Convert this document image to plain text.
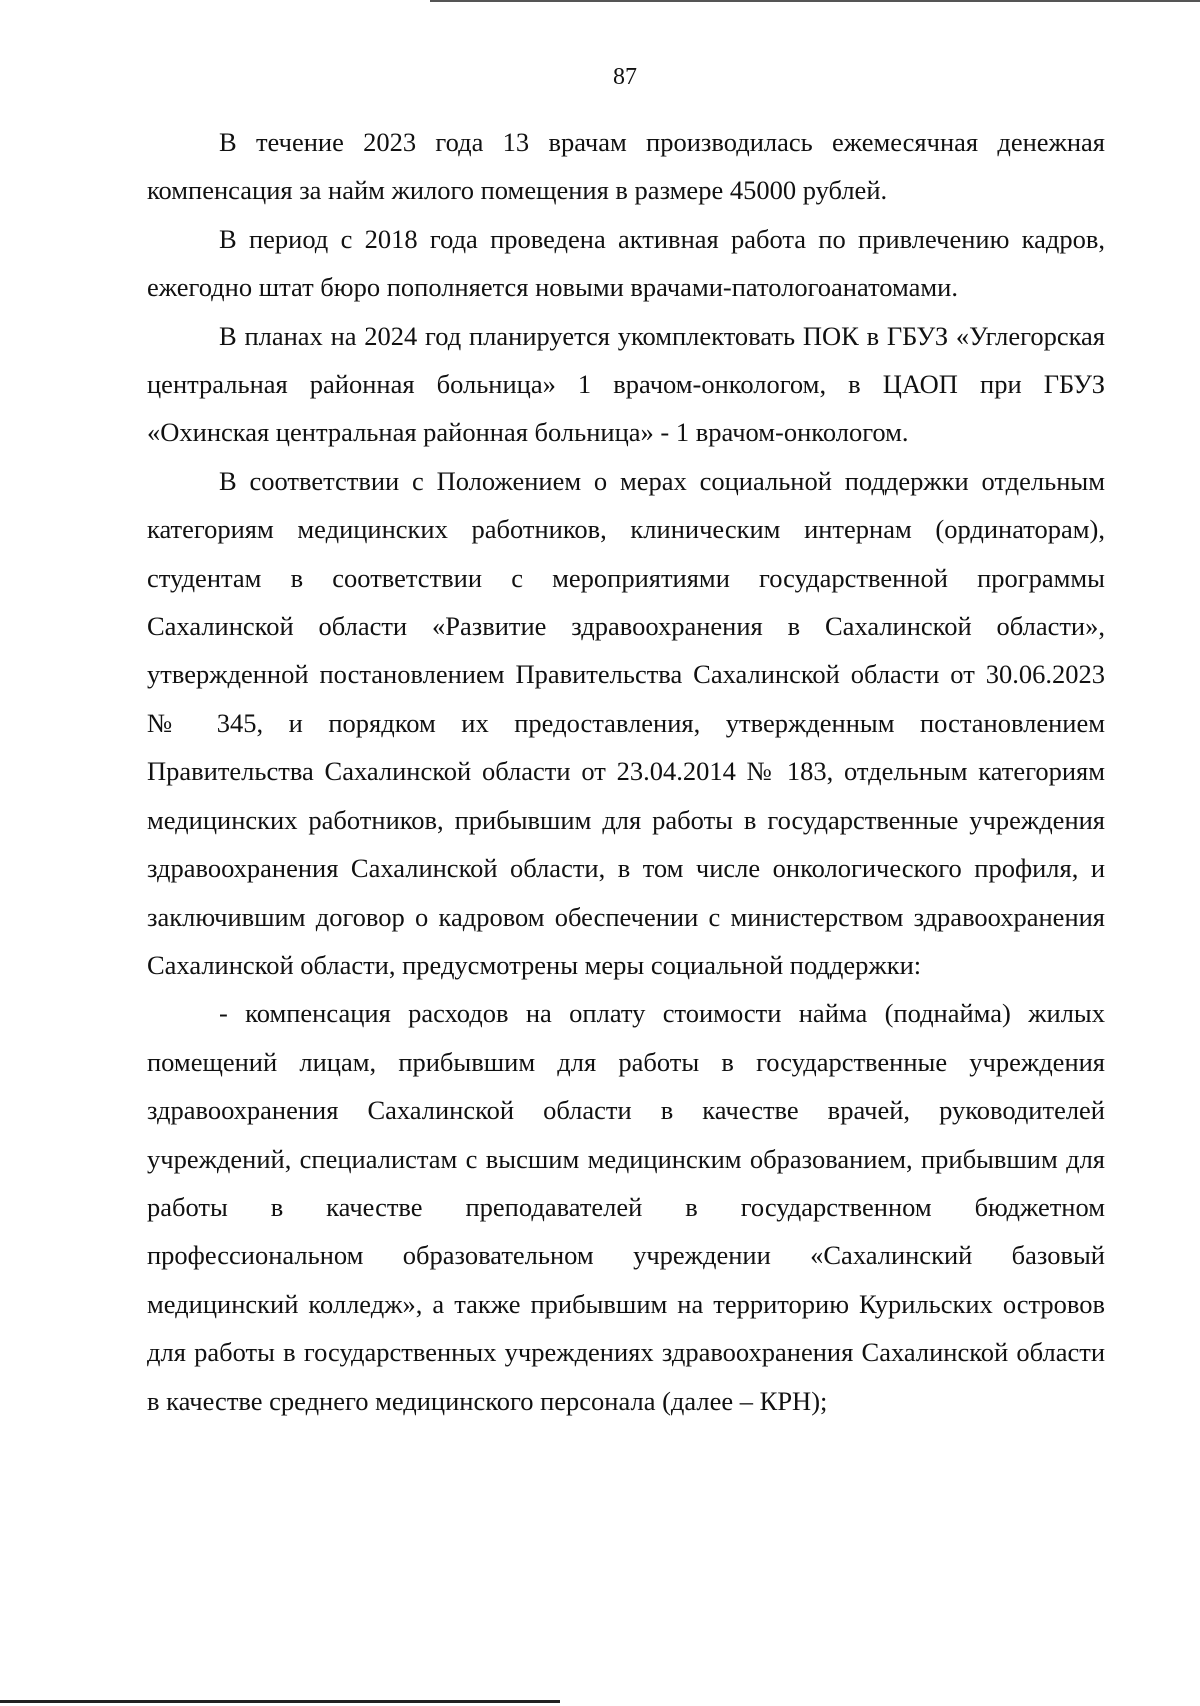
87

В течение 2023 года 13 врачам производилась ежемесячная денежная компенсация за найм жилого помещения в размере 45000 рублей.

В период с 2018 года проведена активная работа по привлечению кадров, ежегодно штат бюро пополняется новыми врачами-патологоанатомами.

В планах на 2024 год планируется укомплектовать ПОК в ГБУЗ «Углегорская центральная районная больница» 1 врачом-онкологом, в ЦАОП при ГБУЗ «Охинская центральная районная больница» - 1 врачом-онкологом.

В соответствии с Положением о мерах социальной поддержки отдельным категориям медицинских работников, клиническим интернам (ординаторам), студентам в соответствии с мероприятиями государственной программы Сахалинской области «Развитие здравоохранения в Сахалинской области», утвержденной постановлением Правительства Сахалинской области от 30.06.2023 № 345, и порядком их предоставления, утвержденным постановлением Правительства Сахалинской области от 23.04.2014 № 183, отдельным категориям медицинских работников, прибывшим для работы в государственные учреждения здравоохранения Сахалинской области, в том числе онкологического профиля, и заключившим договор о кадровом обеспечении с министерством здравоохранения Сахалинской области, предусмотрены меры социальной поддержки:

- компенсация расходов на оплату стоимости найма (поднайма) жилых помещений лицам, прибывшим для работы в государственные учреждения здравоохранения Сахалинской области в качестве врачей, руководителей учреждений, специалистам с высшим медицинским образованием, прибывшим для работы в качестве преподавателей в государственном бюджетном профессиональном образовательном учреждении «Сахалинский базовый медицинский колледж», а также прибывшим на территорию Курильских островов для работы в государственных учреждениях здравоохранения Сахалинской области в качестве среднего медицинского персонала (далее – КРН);
